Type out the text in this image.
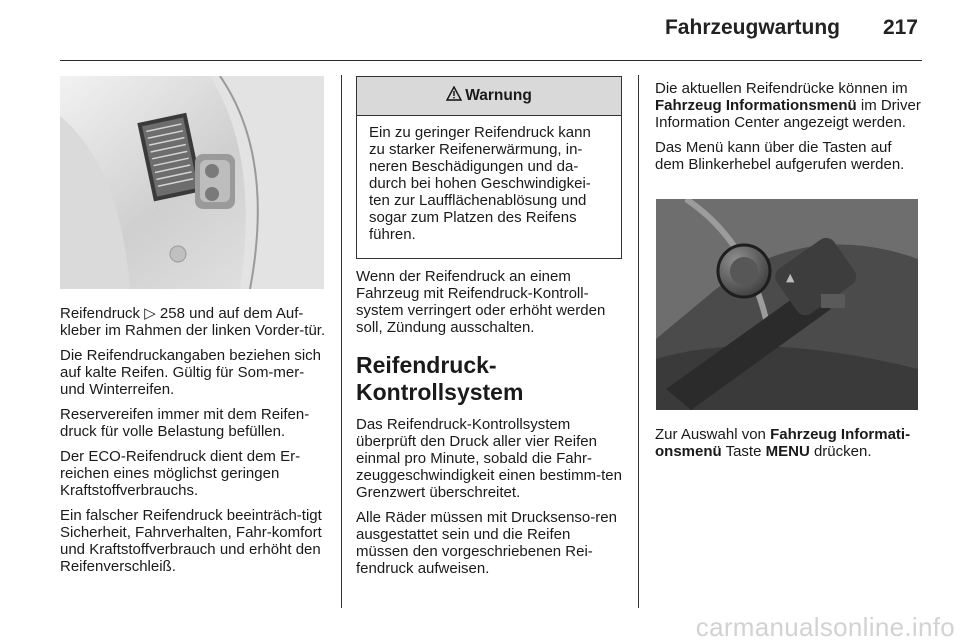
Fahrzeugwartung	217

Reifendruck ▷ 258 und auf dem Auf-kleber im Rahmen der linken Vorder-tür.

Die Reifendruckangaben beziehen sich auf kalte Reifen. Gültig für Som-mer- und Winterreifen.

Reservereifen immer mit dem Reifen-druck für volle Belastung befüllen.

Der ECO-Reifendruck dient dem Er-reichen eines möglichst geringen Kraftstoffverbrauchs.

Ein falscher Reifendruck beeinträch-tigt Sicherheit, Fahrverhalten, Fahr-komfort und Kraftstoffverbrauch und erhöht den Reifenverschleiß.

Warnung
Ein zu geringer Reifendruck kann zu starker Reifenerwärmung, in-neren Beschädigungen und da-durch bei hohen Geschwindigkei-ten zur Laufflächenablösung und sogar zum Platzen des Reifens führen.

Wenn der Reifendruck an einem Fahrzeug mit Reifendruck-Kontroll-system verringert oder erhöht werden soll, Zündung ausschalten.

Reifendruck-Kontrollsystem

Das Reifendruck-Kontrollsystem überprüft den Druck aller vier Reifen einmal pro Minute, sobald die Fahr-zeuggeschwindigkeit einen bestimm-ten Grenzwert überschreitet.

Alle Räder müssen mit Drucksenso-ren ausgestattet sein und die Reifen müssen den vorgeschriebenen Rei-fendruck aufweisen.

Die aktuellen Reifendrücke können im Fahrzeug Informationsmenü im Driver Information Center angezeigt werden.

Das Menü kann über die Tasten auf dem Blinkerhebel aufgerufen werden.

▲

Zur Auswahl von Fahrzeug Informati-onsmenü Taste MENU drücken.

carmanualsonline.info
